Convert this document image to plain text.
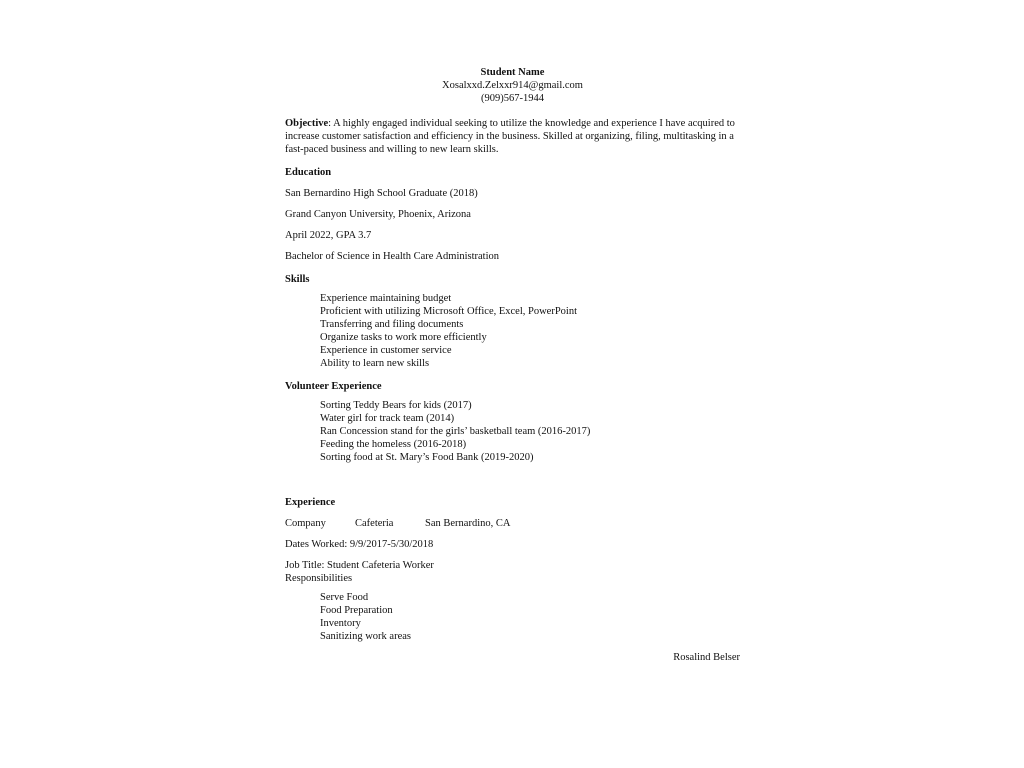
Student Name
Xosalxxd.Zelxxr914@gmail.com
(909)567-1944
Objective: A highly engaged individual seeking to utilize the knowledge and experience I have acquired to increase customer satisfaction and efficiency in the business. Skilled at organizing, filing, multitasking in a fast-paced business and willing to new learn skills.
Education
San Bernardino High School Graduate (2018)
Grand Canyon University, Phoenix, Arizona
April 2022, GPA 3.7
Bachelor of Science in Health Care Administration
Skills
Experience maintaining budget
Proficient with utilizing Microsoft Office, Excel, PowerPoint
Transferring and filing documents
Organize tasks to work more efficiently
Experience in customer service
Ability to learn new skills
Volunteer Experience
Sorting Teddy Bears for kids (2017)
Water girl for track team (2014)
Ran Concession stand for the girls’ basketball team (2016-2017)
Feeding the homeless (2016-2018)
Sorting food at St. Mary’s Food Bank (2019-2020)
Experience
Company	Cafeteria	San Bernardino, CA
Dates Worked: 9/9/2017-5/30/2018
Job Title: Student Cafeteria Worker
Responsibilities
Serve Food
Food Preparation
Inventory
Sanitizing work areas
Rosalind Belser
